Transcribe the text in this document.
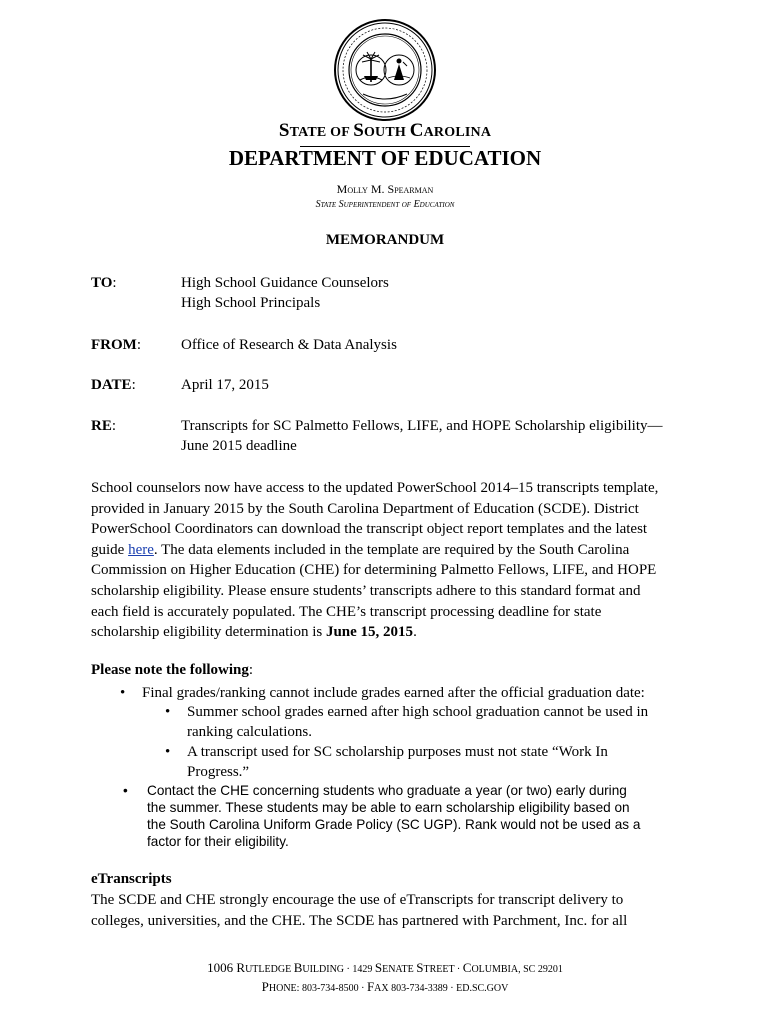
STATE OF SOUTH CAROLINA
DEPARTMENT OF EDUCATION
Molly M. Spearman
State Superintendent of Education
MEMORANDUM
TO:	High School Guidance Counselors
High School Principals
FROM:	Office of Research & Data Analysis
DATE:	April 17, 2015
RE:	Transcripts for SC Palmetto Fellows, LIFE, and HOPE Scholarship eligibility—
June 2015 deadline
School counselors now have access to the updated PowerSchool 2014–15 transcripts template, provided in January 2015 by the South Carolina Department of Education (SCDE). District PowerSchool Coordinators can download the transcript object report templates and the latest guide here. The data elements included in the template are required by the South Carolina Commission on Higher Education (CHE) for determining Palmetto Fellows, LIFE, and HOPE scholarship eligibility. Please ensure students’ transcripts adhere to this standard format and each field is accurately populated. The CHE’s transcript processing deadline for state scholarship eligibility determination is June 15, 2015.
Please note the following:
• Final grades/ranking cannot include grades earned after the official graduation date:
• Summer school grades earned after high school graduation cannot be used in ranking calculations.
• A transcript used for SC scholarship purposes must not state “Work In Progress.”
• Contact the CHE concerning students who graduate a year (or two) early during the summer. These students may be able to earn scholarship eligibility based on the South Carolina Uniform Grade Policy (SC UGP). Rank would not be used as a factor for their eligibility.
eTranscripts
The SCDE and CHE strongly encourage the use of eTranscripts for transcript delivery to colleges, universities, and the CHE. The SCDE has partnered with Parchment, Inc. for all
1006 RUTLEDGE BUILDING · 1429 SENATE STREET · COLUMBIA, SC 29201
PHONE: 803-734-8500 · FAX 803-734-3389 · ED.SC.GOV
